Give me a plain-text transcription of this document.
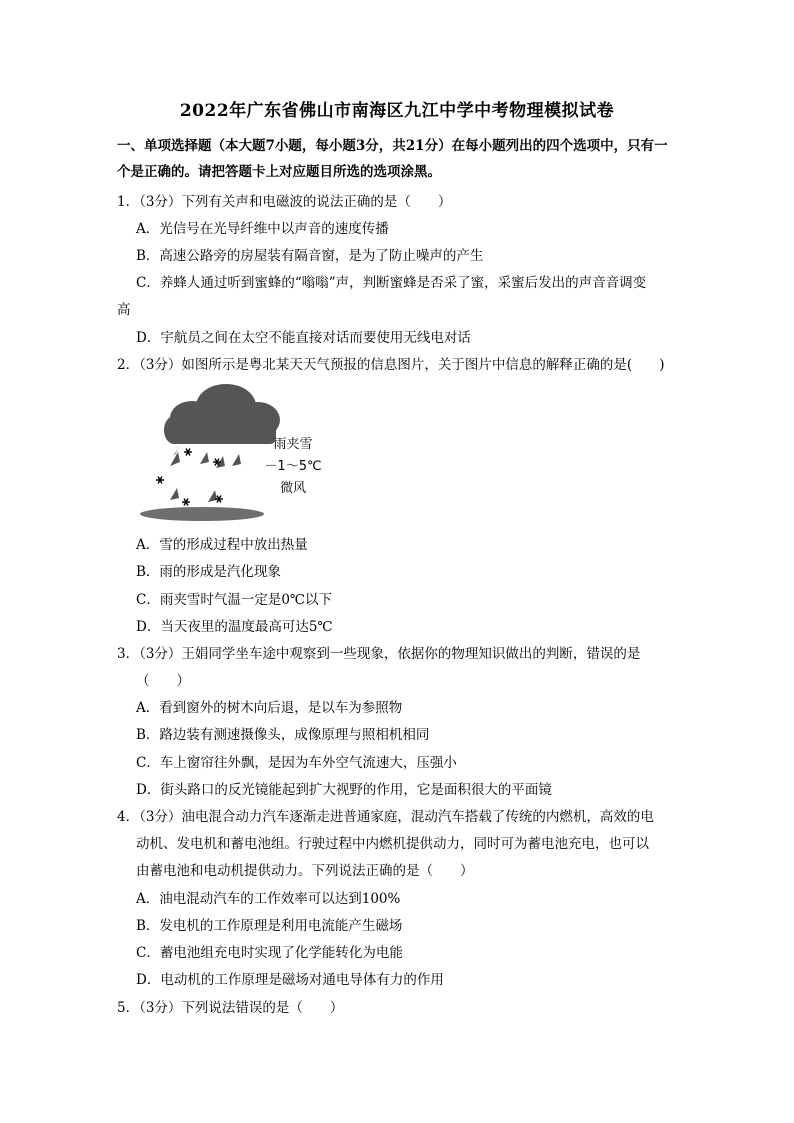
2022年广东省佛山市南海区九江中学中考物理模拟试卷
一、单项选择题（本大题7小题，每小题3分，共21分）在每小题列出的四个选项中，只有一个是正确的。请把答题卡上对应题目所选的选项涂黑。
1．（3分）下列有关声和电磁波的说法正确的是（　　）
A．光信号在光导纤维中以声音的速度传播
B．高速公路旁的房屋装有隔音窗，是为了防止噪声的产生
C．养蜂人通过听到蜜蜂的“嗡嗡”声，判断蜜蜂是否采了蜜，采蜜后发出的声音音调变
高
D．宇航员之间在太空不能直接对话而要使用无线电对话
2．（3分）如图所示是粤北某天天气预报的信息图片，关于图片中信息的解释正确的是(　　)
雨夹雪
－1～5℃
微风
A．雪的形成过程中放出热量
B．雨的形成是汽化现象
C．雨夹雪时气温一定是0℃以下
D．当天夜里的温度最高可达5℃
3．（3分）王娟同学坐车途中观察到一些现象，依据你的物理知识做出的判断，错误的是
（　　）
A．看到窗外的树木向后退，是以车为参照物
B．路边装有测速摄像头，成像原理与照相机相同
C．车上窗帘往外飘，是因为车外空气流速大，压强小
D．街头路口的反光镜能起到扩大视野的作用，它是面积很大的平面镜
4．（3分）油电混合动力汽车逐渐走进普通家庭，混动汽车搭载了传统的内燃机，高效的电
动机、发电机和蓄电池组。行驶过程中内燃机提供动力，同时可为蓄电池充电，也可以
由蓄电池和电动机提供动力。下列说法正确的是（　　）
A．油电混动汽车的工作效率可以达到100%
B．发电机的工作原理是利用电流能产生磁场
C．蓄电池组充电时实现了化学能转化为电能
D．电动机的工作原理是磁场对通电导体有力的作用
5．（3分）下列说法错误的是（　　）
